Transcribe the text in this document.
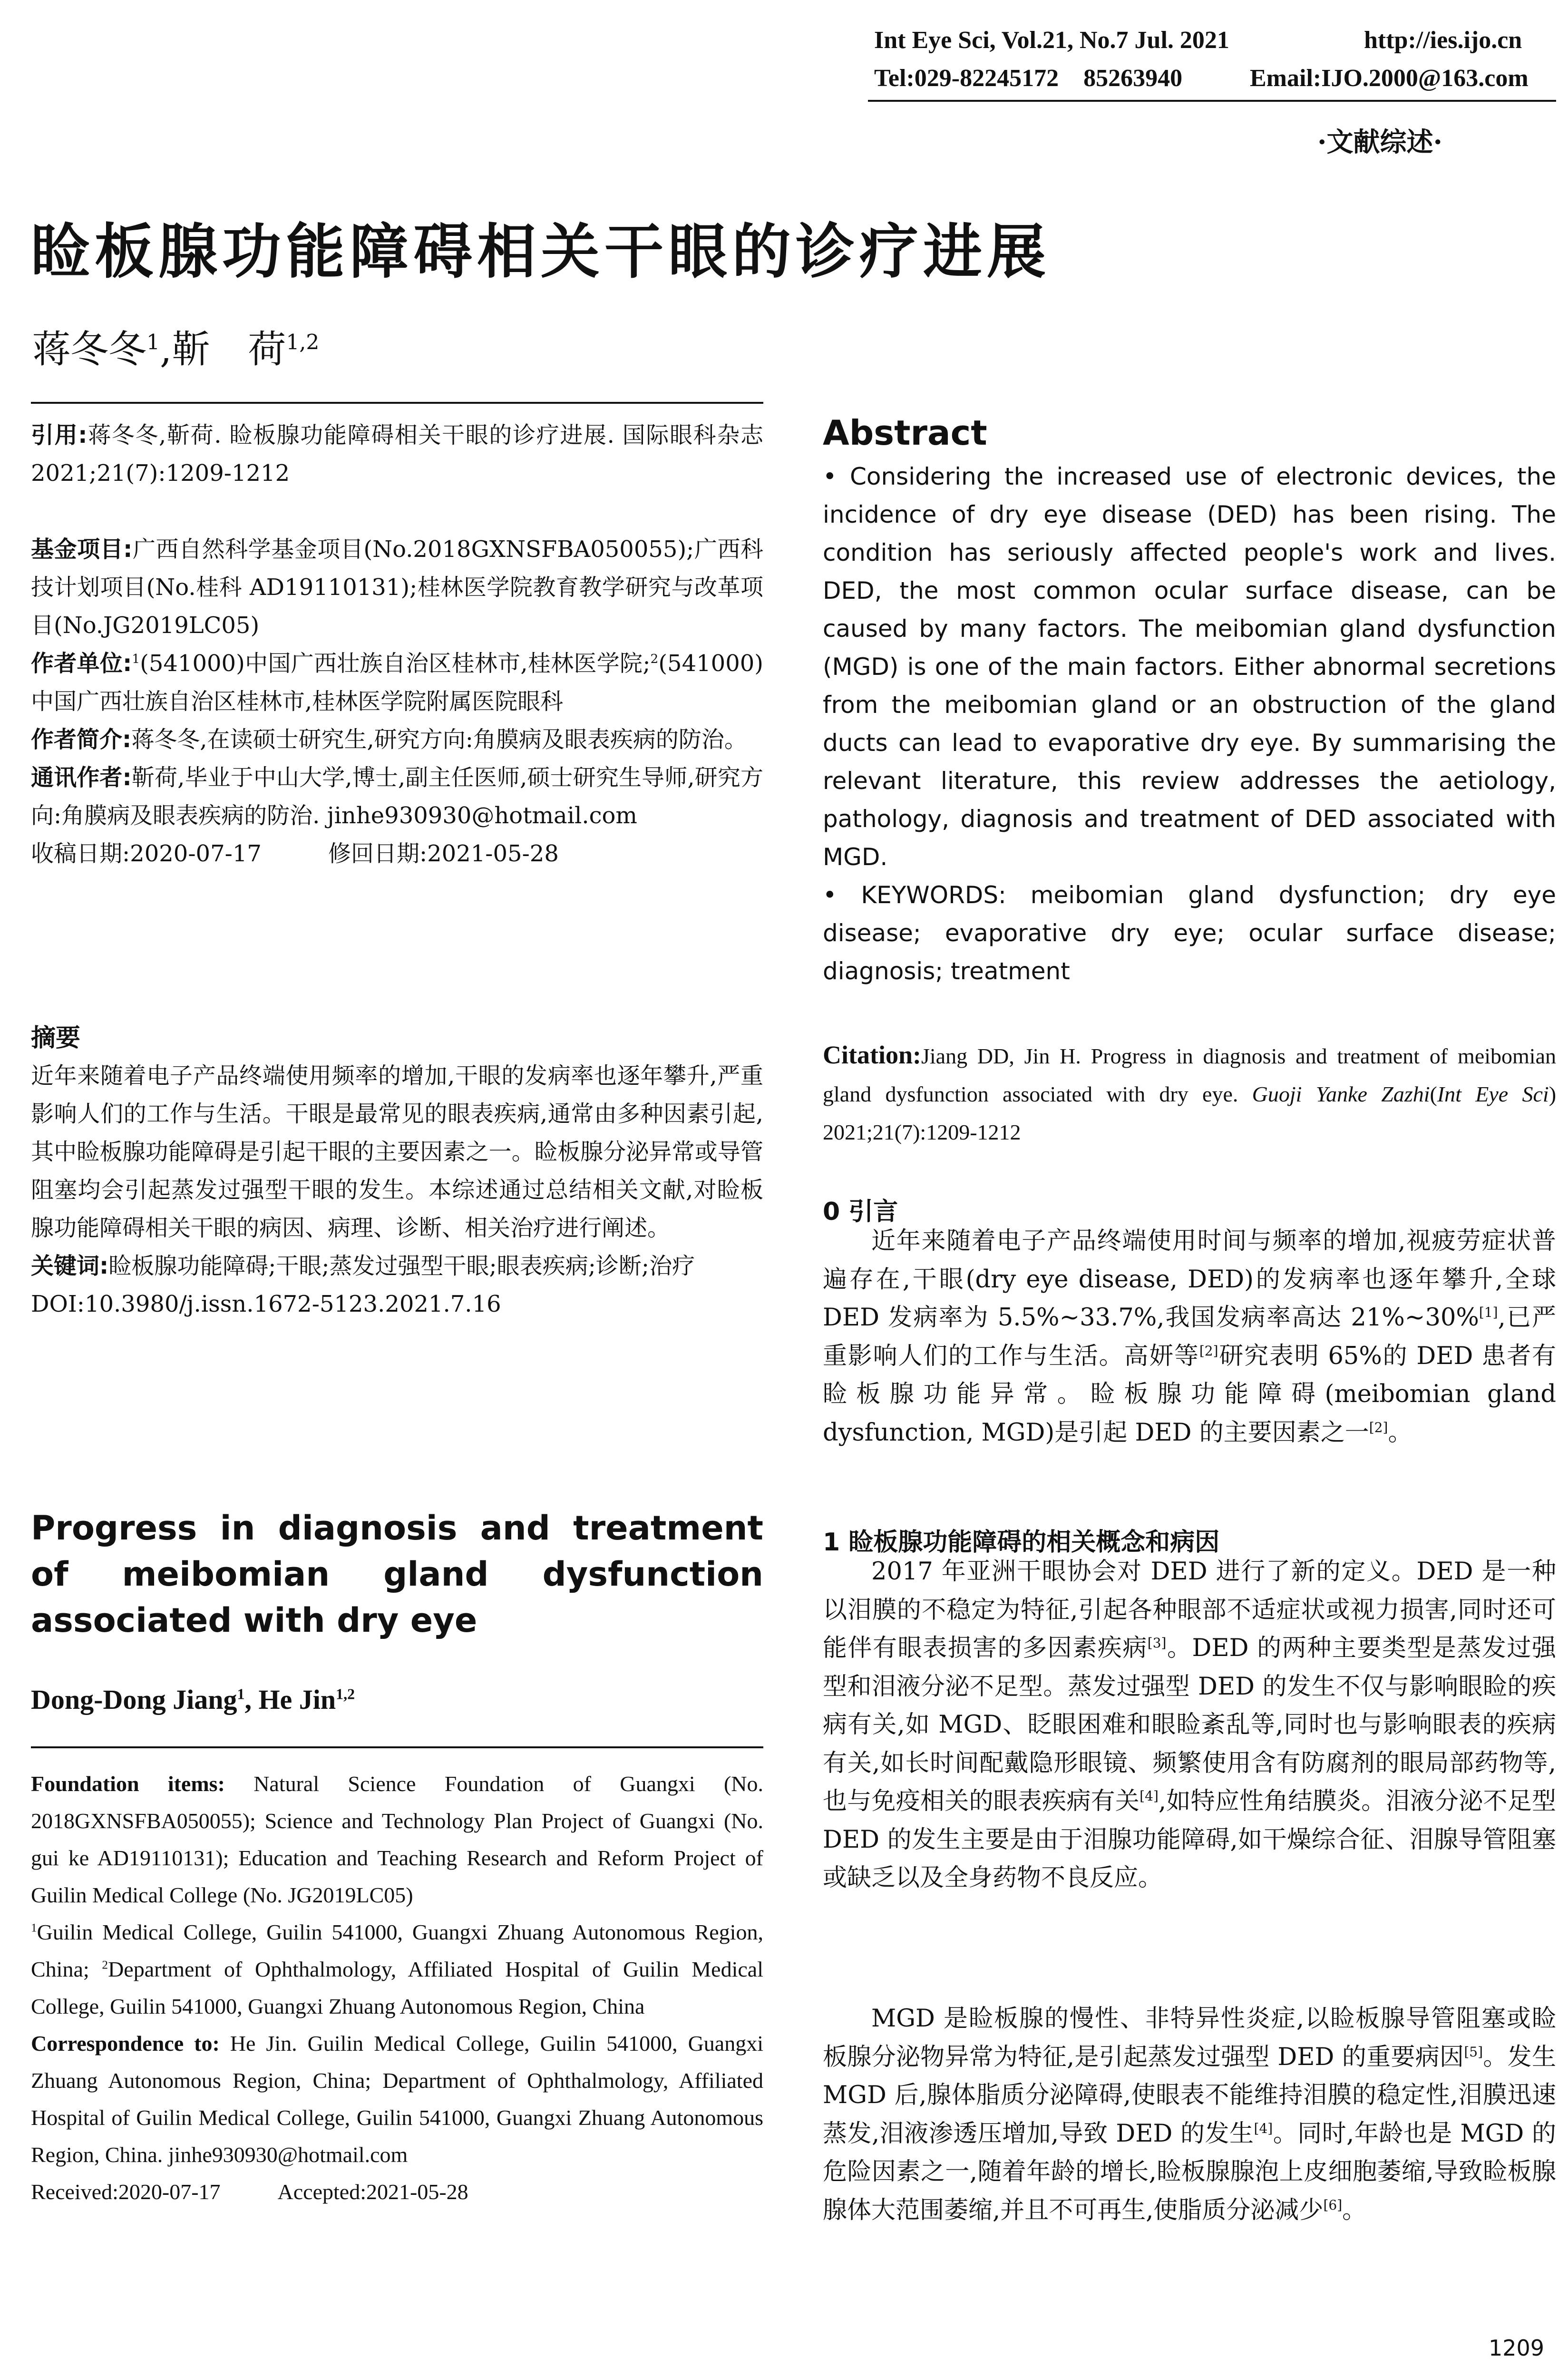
Int Eye Sci, Vol.21, No.7 Jul. 2021	http://ies.ijo.cn
Tel:029-82245172    85263940	Email:IJO.2000@163.com
·文献综述·
睑板腺功能障碍相关干眼的诊疗进展
蒋冬冬$^1$,靳　荷$^{1,2}$

引用:蒋冬冬,靳荷. 睑板腺功能障碍相关干眼的诊疗进展. 国际眼科杂志 2021;21(7):1209-1212

基金项目:广西自然科学基金项目(No.2018GXNSFBA050055);广西科技计划项目(No.桂科 AD19110131);桂林医学院教育教学研究与改革项目(No.JG2019LC05)

作者单位:$^1$(541000)中国广西壮族自治区桂林市,桂林医学院;$^2$(541000)中国广西壮族自治区桂林市,桂林医学院附属医院眼科

作者简介:蒋冬冬,在读硕士研究生,研究方向:角膜病及眼表疾病的防治。

通讯作者:靳荷,毕业于中山大学,博士,副主任医师,硕士研究生导师,研究方向:角膜病及眼表疾病的防治. jinhe930930@hotmail.com

收稿日期:2020-07-17	修回日期:2021-05-28

摘要

近年来随着电子产品终端使用频率的增加,干眼的发病率也逐年攀升,严重影响人们的工作与生活。干眼是最常见的眼表疾病,通常由多种因素引起,其中睑板腺功能障碍是引起干眼的主要因素之一。睑板腺分泌异常或导管阻塞均会引起蒸发过强型干眼的发生。本综述通过总结相关文献,对睑板腺功能障碍相关干眼的病因、病理、诊断、相关治疗进行阐述。

关键词:睑板腺功能障碍;干眼;蒸发过强型干眼;眼表疾病;诊断;治疗

DOI:10.3980/j.issn.1672-5123.2021.7.16

Progress in diagnosis and treatment of meibomian gland dysfunction associated with dry eye
Dong-Dong Jiang$^1$, He Jin$^{1,2}$

Foundation items: Natural Science Foundation of Guangxi (No. 2018GXNSFBA050055); Science and Technology Plan Project of Guangxi (No. gui ke AD19110131); Education and Teaching Research and Reform Project of Guilin Medical College (No. JG2019LC05)

$^1$Guilin Medical College, Guilin 541000, Guangxi Zhuang Autonomous Region, China; $^2$Department of Ophthalmology, Affiliated Hospital of Guilin Medical College, Guilin 541000, Guangxi Zhuang Autonomous Region, China

Correspondence to: He Jin. Guilin Medical College, Guilin 541000, Guangxi Zhuang Autonomous Region, China; Department of Ophthalmology, Affiliated Hospital of Guilin Medical College, Guilin 541000, Guangxi Zhuang Autonomous Region, China. jinhe930930@hotmail.com

Received:2020-07-17	Accepted:2021-05-28

Abstract

• Considering the increased use of electronic devices, the incidence of dry eye disease (DED) has been rising. The condition has seriously affected people's work and lives. DED, the most common ocular surface disease, can be caused by many factors. The meibomian gland dysfunction (MGD) is one of the main factors. Either abnormal secretions from the meibomian gland or an obstruction of the gland ducts can lead to evaporative dry eye. By summarising the relevant literature, this review addresses the aetiology, pathology, diagnosis and treatment of DED associated with MGD.

• KEYWORDS: meibomian gland dysfunction; dry eye disease; evaporative dry eye; ocular surface disease; diagnosis; treatment

Citation:Jiang DD, Jin H. Progress in diagnosis and treatment of meibomian gland dysfunction associated with dry eye. Guoji Yanke Zazhi(Int Eye Sci) 2021;21(7):1209-1212
0 引言
近年来随着电子产品终端使用时间与频率的增加,视疲劳症状普遍存在,干眼(dry eye disease, DED)的发病率也逐年攀升,全球 DED 发病率为 5.5%~33.7%,我国发病率高达 21%~30%[1],已严重影响人们的工作与生活。高妍等[2]研究表明 65%的 DED 患者有睑板腺功能异常。睑板腺功能障碍(meibomian gland dysfunction, MGD)是引起 DED 的主要因素之一[2]。
1 睑板腺功能障碍的相关概念和病因
2017 年亚洲干眼协会对 DED 进行了新的定义。DED 是一种以泪膜的不稳定为特征,引起各种眼部不适症状或视力损害,同时还可能伴有眼表损害的多因素疾病[3]。DED 的两种主要类型是蒸发过强型和泪液分泌不足型。蒸发过强型 DED 的发生不仅与影响眼睑的疾病有关,如 MGD、眨眼困难和眼睑紊乱等,同时也与影响眼表的疾病有关,如长时间配戴隐形眼镜、频繁使用含有防腐剂的眼局部药物等,也与免疫相关的眼表疾病有关[4],如特应性角结膜炎。泪液分泌不足型 DED 的发生主要是由于泪腺功能障碍,如干燥综合征、泪腺导管阻塞或缺乏以及全身药物不良反应。
MGD 是睑板腺的慢性、非特异性炎症,以睑板腺导管阻塞或睑板腺分泌物异常为特征,是引起蒸发过强型 DED 的重要病因[5]。发生 MGD 后,腺体脂质分泌障碍,使眼表不能维持泪膜的稳定性,泪膜迅速蒸发,泪液渗透压增加,导致 DED 的发生[4]。同时,年龄也是 MGD 的危险因素之一,随着年龄的增长,睑板腺腺泡上皮细胞萎缩,导致睑板腺腺体大范围萎缩,并且不可再生,使脂质分泌减少[6]。
1209
